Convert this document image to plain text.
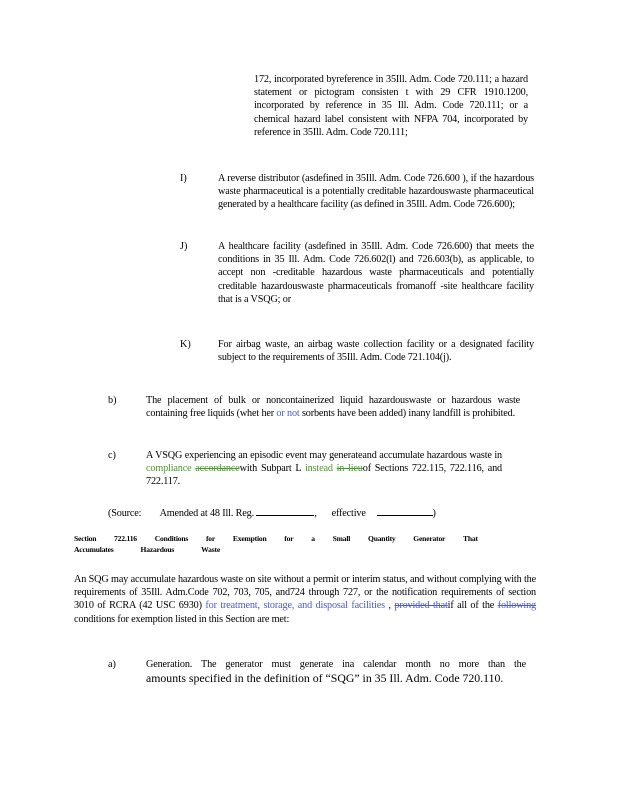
172, incorporated byreference in 35Ill. Adm. Code 720.111; a hazard statement or pictogram consisten t with 29 CFR 1910.1200, incorporated by reference in 35 Ill. Adm. Code 720.111; or a chemical hazard label consistent with NFPA 704, incorporated by reference in 35Ill. Adm. Code 720.111;
I)	A reverse distributor (asdefined in 35Ill. Adm. Code 726.600 ), if the hazardous waste pharmaceutical is a potentially creditable hazardouswaste pharmaceutical generated by a healthcare facility (as defined in 35Ill. Adm. Code 726.600);
J)	A healthcare facility (asdefined in 35Ill. Adm. Code 726.600) that meets the conditions in 35 Ill. Adm. Code 726.602(l) and 726.603(b), as applicable, to accept non -creditable hazardous waste pharmaceuticals and potentially creditable hazardouswaste pharmaceuticals fromanoff -site healthcare facility that is a VSQG; or
K)	For airbag waste, an airbag waste collection facility or a designated facility subject to the requirements of 35Ill. Adm. Code 721.104(j).
b)	The placement of bulk or noncontainerized liquid hazardouswaste or hazardous waste containing free liquids (whet her or not sorbents have been added) inany landfill is prohibited.
c)	A VSQG experiencing an episodic event may generateand accumulate hazardous waste in compliance accordancewith Subpart L instead in lieuof Sections 722.115, 722.116, and 722.117.
(Source: Amended at 48 Ill. Reg.	,  effective	)
Section 722.116 Conditions for Exemption for a Small Quantity Generator That
Accumulates	Hazardous	Waste
An SQG may accumulate hazardous waste on site without a permit or interim status, and without complying with the requirements of 35Ill. Adm.Code 702, 703, 705, and724 through 727, or the notification requirements of section 3010 of RCRA (42 USC 6930) for treatment, storage, and disposal facilities , provided thatif all of the following conditions for exemption listed in this Section are met:
a)	Generation. The generator must generate ina calendar month no more than the
amounts specified in the definition of “SQG” in 35 Ill. Adm. Code 720.110.
